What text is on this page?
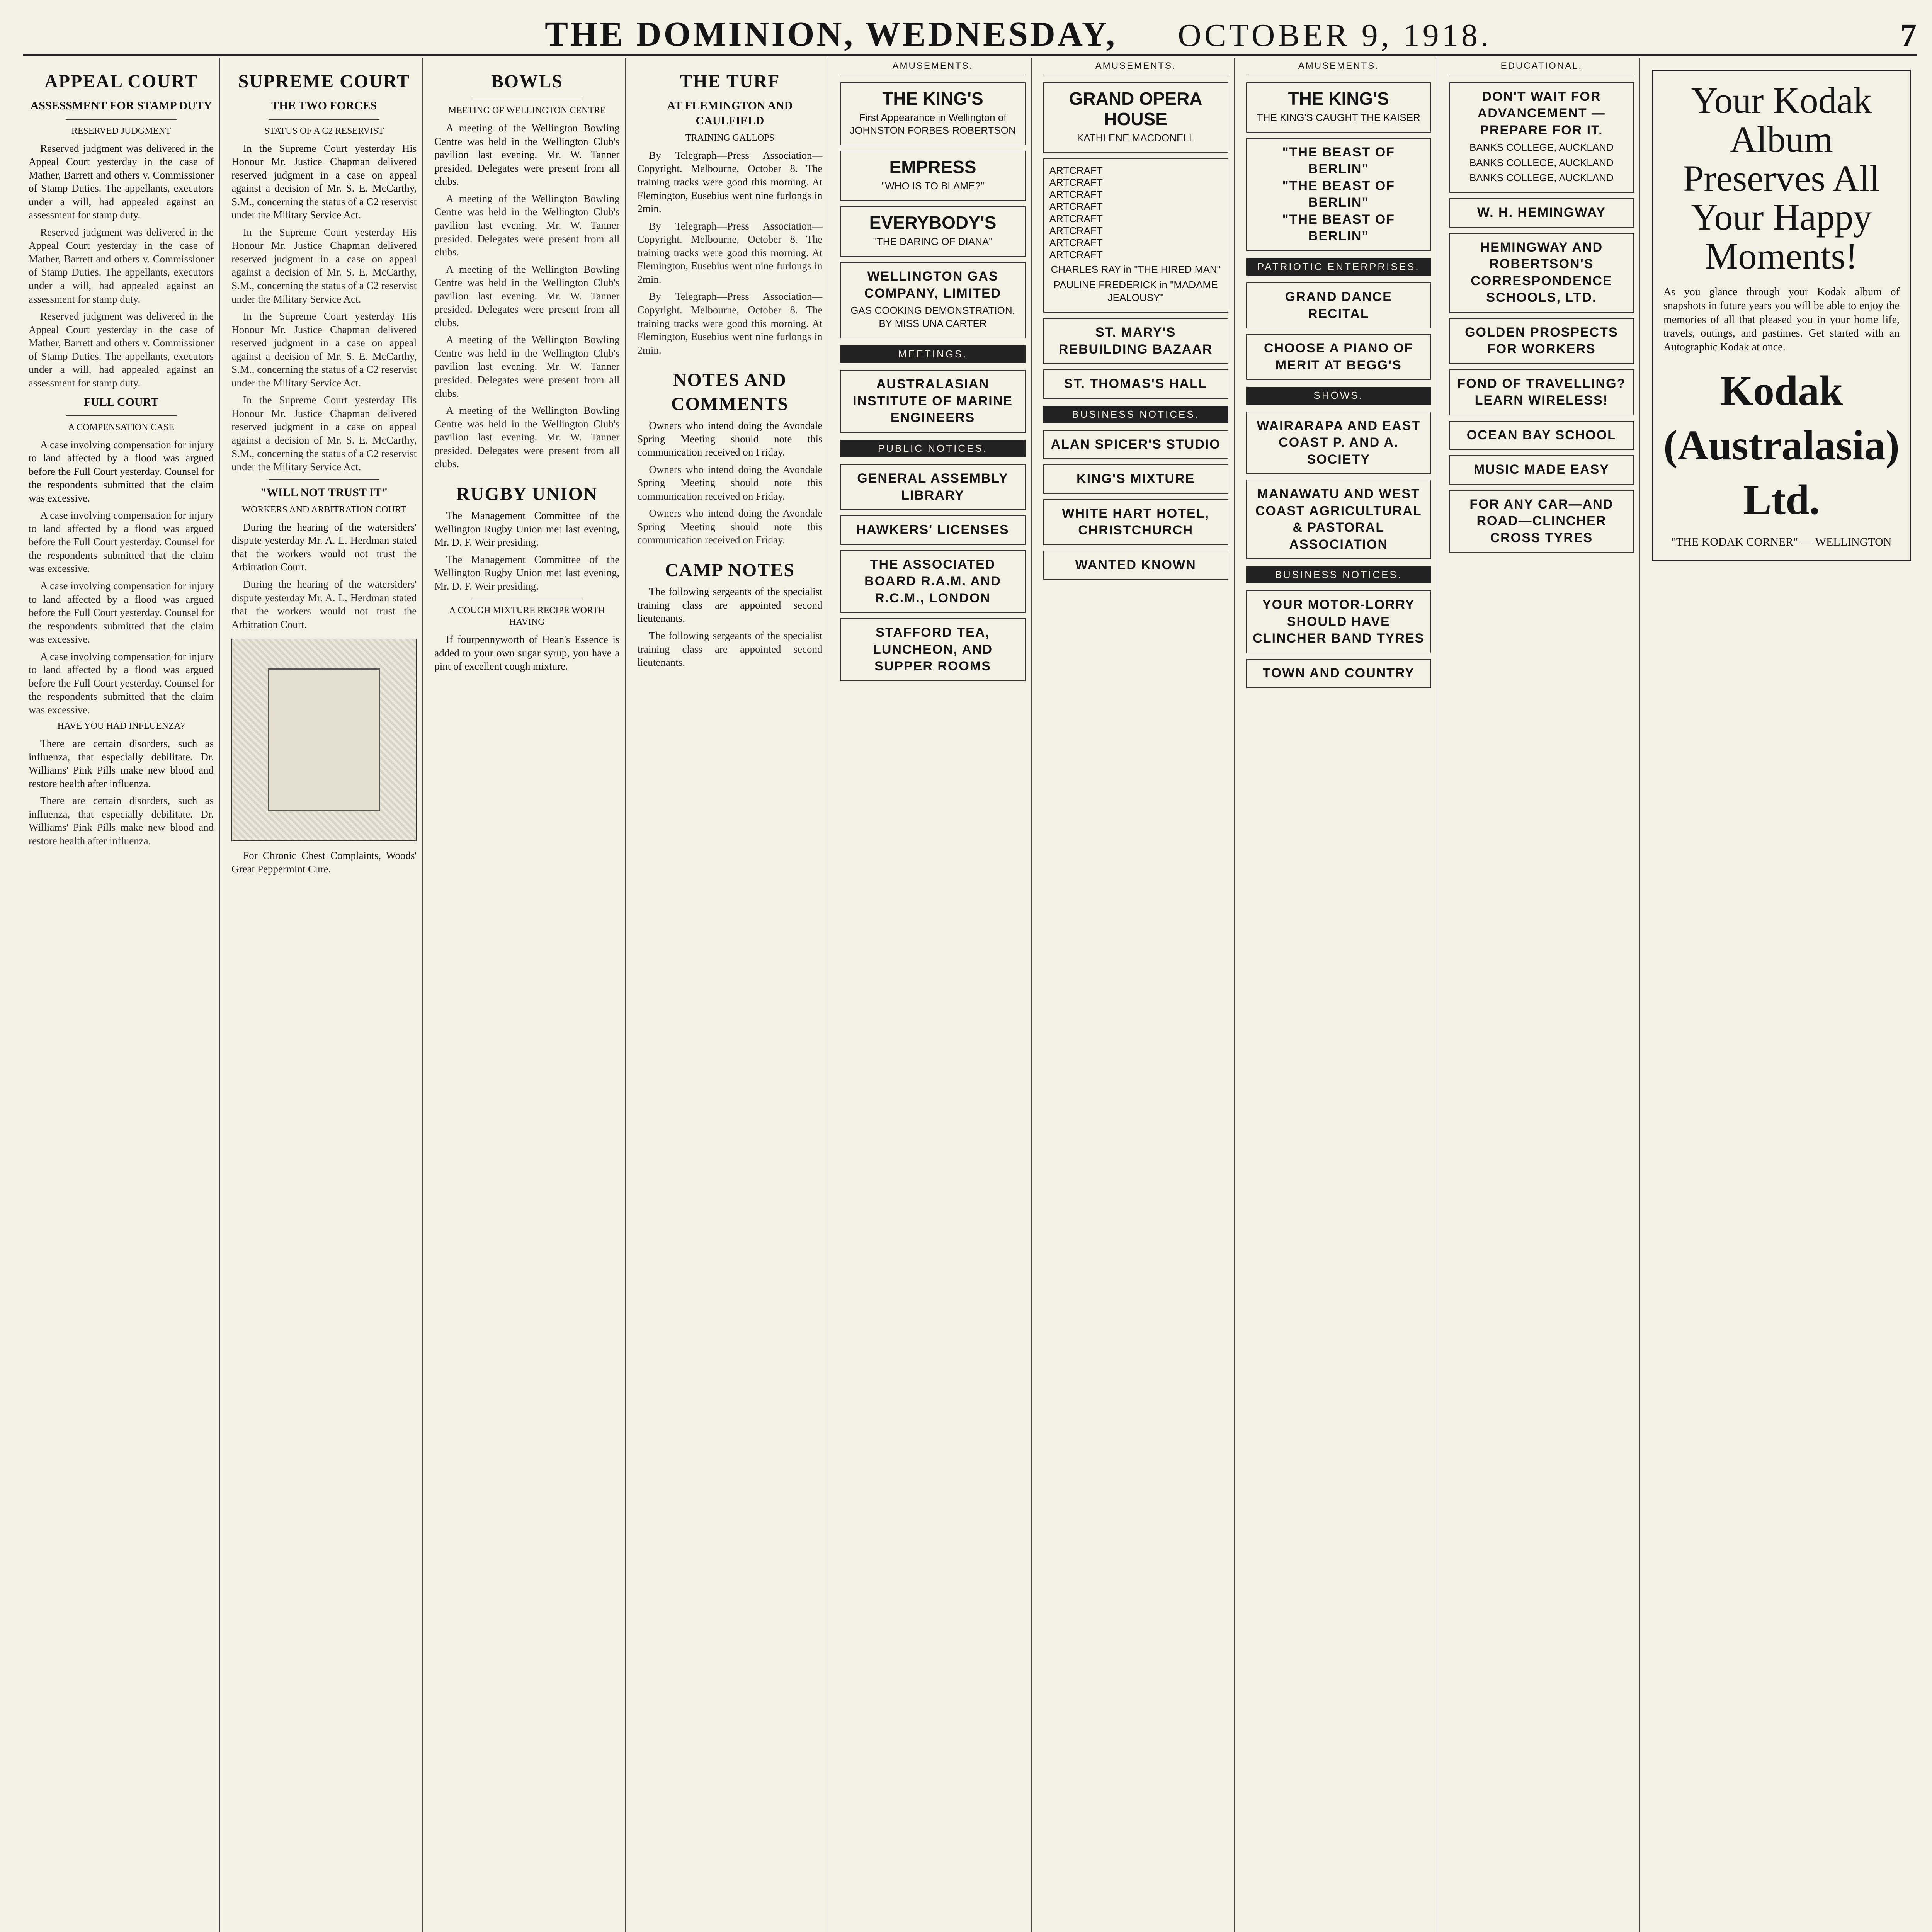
THE DOMINION, WEDNESDAY, OCTOBER 9, 1918.	7
APPEAL COURT
ASSESSMENT FOR STAMP DUTY
RESERVED JUDGMENT

Reserved judgment was delivered in the Appeal Court yesterday in the case of Mather, Barrett and others v. Commissioner of Stamp Duties. The appellants, executors under a will, had appealed against an assessment for stamp duty.

Reserved judgment was delivered in the Appeal Court yesterday in the case of Mather, Barrett and others v. Commissioner of Stamp Duties. The appellants, executors under a will, had appealed against an assessment for stamp duty.

Reserved judgment was delivered in the Appeal Court yesterday in the case of Mather, Barrett and others v. Commissioner of Stamp Duties. The appellants, executors under a will, had appealed against an assessment for stamp duty.

FULL COURT
A COMPENSATION CASE

A case involving compensation for injury to land affected by a flood was argued before the Full Court yesterday. Counsel for the respondents submitted that the claim was excessive.

A case involving compensation for injury to land affected by a flood was argued before the Full Court yesterday. Counsel for the respondents submitted that the claim was excessive.

A case involving compensation for injury to land affected by a flood was argued before the Full Court yesterday. Counsel for the respondents submitted that the claim was excessive.

A case involving compensation for injury to land affected by a flood was argued before the Full Court yesterday. Counsel for the respondents submitted that the claim was excessive.

HAVE YOU HAD INFLUENZA?

There are certain disorders, such as influenza, that especially debilitate. Dr. Williams' Pink Pills make new blood and restore health after influenza.

There are certain disorders, such as influenza, that especially debilitate. Dr. Williams' Pink Pills make new blood and restore health after influenza.

SUPREME COURT
THE TWO FORCES
STATUS OF A C2 RESERVIST

In the Supreme Court yesterday His Honour Mr. Justice Chapman delivered reserved judgment in a case on appeal against a decision of Mr. S. E. McCarthy, S.M., concerning the status of a C2 reservist under the Military Service Act.

In the Supreme Court yesterday His Honour Mr. Justice Chapman delivered reserved judgment in a case on appeal against a decision of Mr. S. E. McCarthy, S.M., concerning the status of a C2 reservist under the Military Service Act.

In the Supreme Court yesterday His Honour Mr. Justice Chapman delivered reserved judgment in a case on appeal against a decision of Mr. S. E. McCarthy, S.M., concerning the status of a C2 reservist under the Military Service Act.

In the Supreme Court yesterday His Honour Mr. Justice Chapman delivered reserved judgment in a case on appeal against a decision of Mr. S. E. McCarthy, S.M., concerning the status of a C2 reservist under the Military Service Act.

"WILL NOT TRUST IT"
WORKERS AND ARBITRATION COURT

During the hearing of the watersiders' dispute yesterday Mr. A. L. Herdman stated that the workers would not trust the Arbitration Court.

During the hearing of the watersiders' dispute yesterday Mr. A. L. Herdman stated that the workers would not trust the Arbitration Court.

For Chronic Chest Complaints, Woods' Great Peppermint Cure.

BOWLS
MEETING OF WELLINGTON CENTRE

A meeting of the Wellington Bowling Centre was held in the Wellington Club's pavilion last evening. Mr. W. Tanner presided. Delegates were present from all clubs.

A meeting of the Wellington Bowling Centre was held in the Wellington Club's pavilion last evening. Mr. W. Tanner presided. Delegates were present from all clubs.

A meeting of the Wellington Bowling Centre was held in the Wellington Club's pavilion last evening. Mr. W. Tanner presided. Delegates were present from all clubs.

A meeting of the Wellington Bowling Centre was held in the Wellington Club's pavilion last evening. Mr. W. Tanner presided. Delegates were present from all clubs.

A meeting of the Wellington Bowling Centre was held in the Wellington Club's pavilion last evening. Mr. W. Tanner presided. Delegates were present from all clubs.

RUGBY UNION

The Management Committee of the Wellington Rugby Union met last evening, Mr. D. F. Weir presiding.

The Management Committee of the Wellington Rugby Union met last evening, Mr. D. F. Weir presiding.

A COUGH MIXTURE RECIPE WORTH HAVING

If fourpennyworth of Hean's Essence is added to your own sugar syrup, you have a pint of excellent cough mixture.

THE TURF
AT FLEMINGTON AND CAULFIELD
TRAINING GALLOPS

By Telegraph—Press Association—Copyright. Melbourne, October 8. The training tracks were good this morning. At Flemington, Eusebius went nine furlongs in 2min.

By Telegraph—Press Association—Copyright. Melbourne, October 8. The training tracks were good this morning. At Flemington, Eusebius went nine furlongs in 2min.

By Telegraph—Press Association—Copyright. Melbourne, October 8. The training tracks were good this morning. At Flemington, Eusebius went nine furlongs in 2min.

NOTES AND COMMENTS

Owners who intend doing the Avondale Spring Meeting should note this communication received on Friday.

Owners who intend doing the Avondale Spring Meeting should note this communication received on Friday.

Owners who intend doing the Avondale Spring Meeting should note this communication received on Friday.

CAMP NOTES

The following sergeants of the specialist training class are appointed second lieutenants.

The following sergeants of the specialist training class are appointed second lieutenants.

AMUSEMENTS.
THE KING'S
First Appearance in Wellington of JOHNSTON FORBES-ROBERTSON
EMPRESS
"WHO IS TO BLAME?"
EVERYBODY'S
"THE DARING OF DIANA"
WELLINGTON GAS COMPANY, LIMITED
GAS COOKING DEMONSTRATION, BY MISS UNA CARTER
MEETINGS.
AUSTRALASIAN INSTITUTE OF MARINE ENGINEERS
PUBLIC NOTICES.
GENERAL ASSEMBLY LIBRARY
HAWKERS' LICENSES
THE ASSOCIATED BOARD R.A.M. AND R.C.M., LONDON
STAFFORD TEA, LUNCHEON, AND SUPPER ROOMS
AMUSEMENTS.
GRAND OPERA HOUSE
KATHLENE MACDONELL
ARTCRAFT
ARTCRAFT
ARTCRAFT
ARTCRAFT
ARTCRAFT
ARTCRAFT
ARTCRAFT
ARTCRAFT
CHARLES RAY in "THE HIRED MAN"
PAULINE FREDERICK in "MADAME JEALOUSY"
ST. MARY'S REBUILDING BAZAAR
ST. THOMAS'S HALL
BUSINESS NOTICES.
ALAN SPICER'S STUDIO
KING'S MIXTURE
WHITE HART HOTEL, CHRISTCHURCH
WANTED KNOWN
AMUSEMENTS.
THE KING'S
THE KING'S CAUGHT THE KAISER
"THE BEAST OF BERLIN"
"THE BEAST OF BERLIN"
"THE BEAST OF BERLIN"
PATRIOTIC ENTERPRISES.
GRAND DANCE RECITAL
CHOOSE A PIANO OF MERIT AT BEGG'S
SHOWS.
WAIRARAPA AND EAST COAST P. AND A. SOCIETY
MANAWATU AND WEST COAST AGRICULTURAL & PASTORAL ASSOCIATION
BUSINESS NOTICES.
YOUR MOTOR-LORRY SHOULD HAVE CLINCHER BAND TYRES
TOWN AND COUNTRY
EDUCATIONAL.
DON'T WAIT FOR ADVANCEMENT —PREPARE FOR IT.
BANKS COLLEGE, AUCKLAND
BANKS COLLEGE, AUCKLAND
BANKS COLLEGE, AUCKLAND
W. H. HEMINGWAY
HEMINGWAY AND ROBERTSON'S CORRESPONDENCE SCHOOLS, LTD.
GOLDEN PROSPECTS FOR WORKERS
FOND OF TRAVELLING? LEARN WIRELESS!
OCEAN BAY SCHOOL
MUSIC MADE EASY
FOR ANY CAR—AND ROAD—CLINCHER CROSS TYRES
Your Kodak Album Preserves All Your Happy Moments!
As you glance through your Kodak album of snapshots in future years you will be able to enjoy the memories of all that pleased you in your home life, travels, outings, and pastimes. Get started with an Autographic Kodak at once.
Kodak (Australasia) Ltd.
"THE KODAK CORNER" — WELLINGTON
